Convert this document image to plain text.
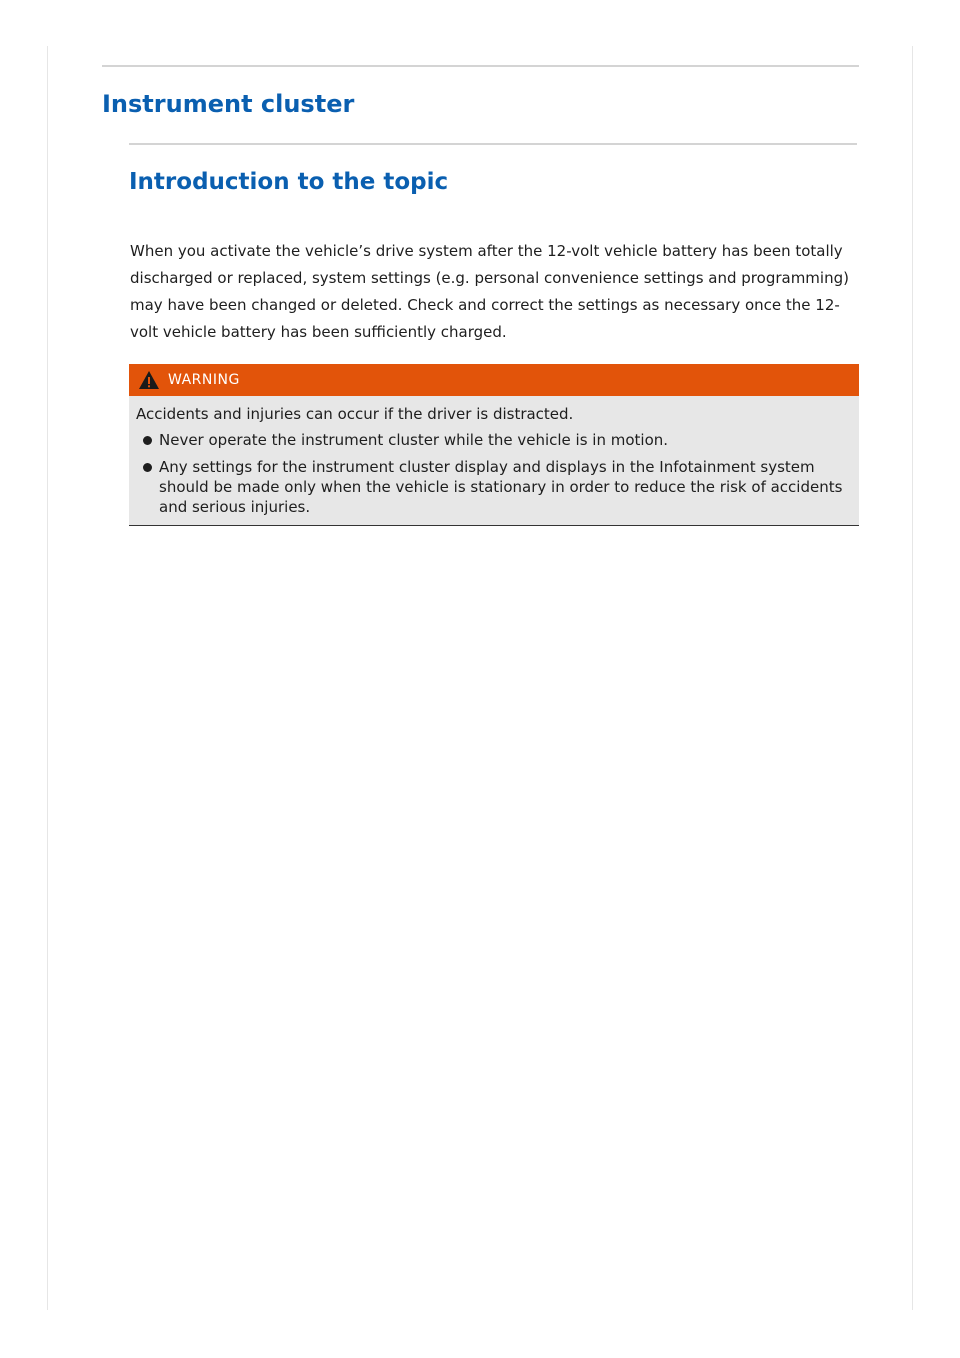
Instrument cluster
Introduction to the topic

When you activate the vehicle’s drive system after the 12-volt vehicle battery has been totally discharged or replaced, system settings (e.g. personal convenience settings and programming) may have been changed or deleted. Check and correct the settings as necessary once the 12-volt vehicle battery has been sufficiently charged.

WARNING

Accidents and injuries can occur if the driver is distracted.

Never operate the instrument cluster while the vehicle is in motion.
Any settings for the instrument cluster display and displays in the Infotainment system should be made only when the vehicle is stationary in order to reduce the risk of accidents and serious injuries.
